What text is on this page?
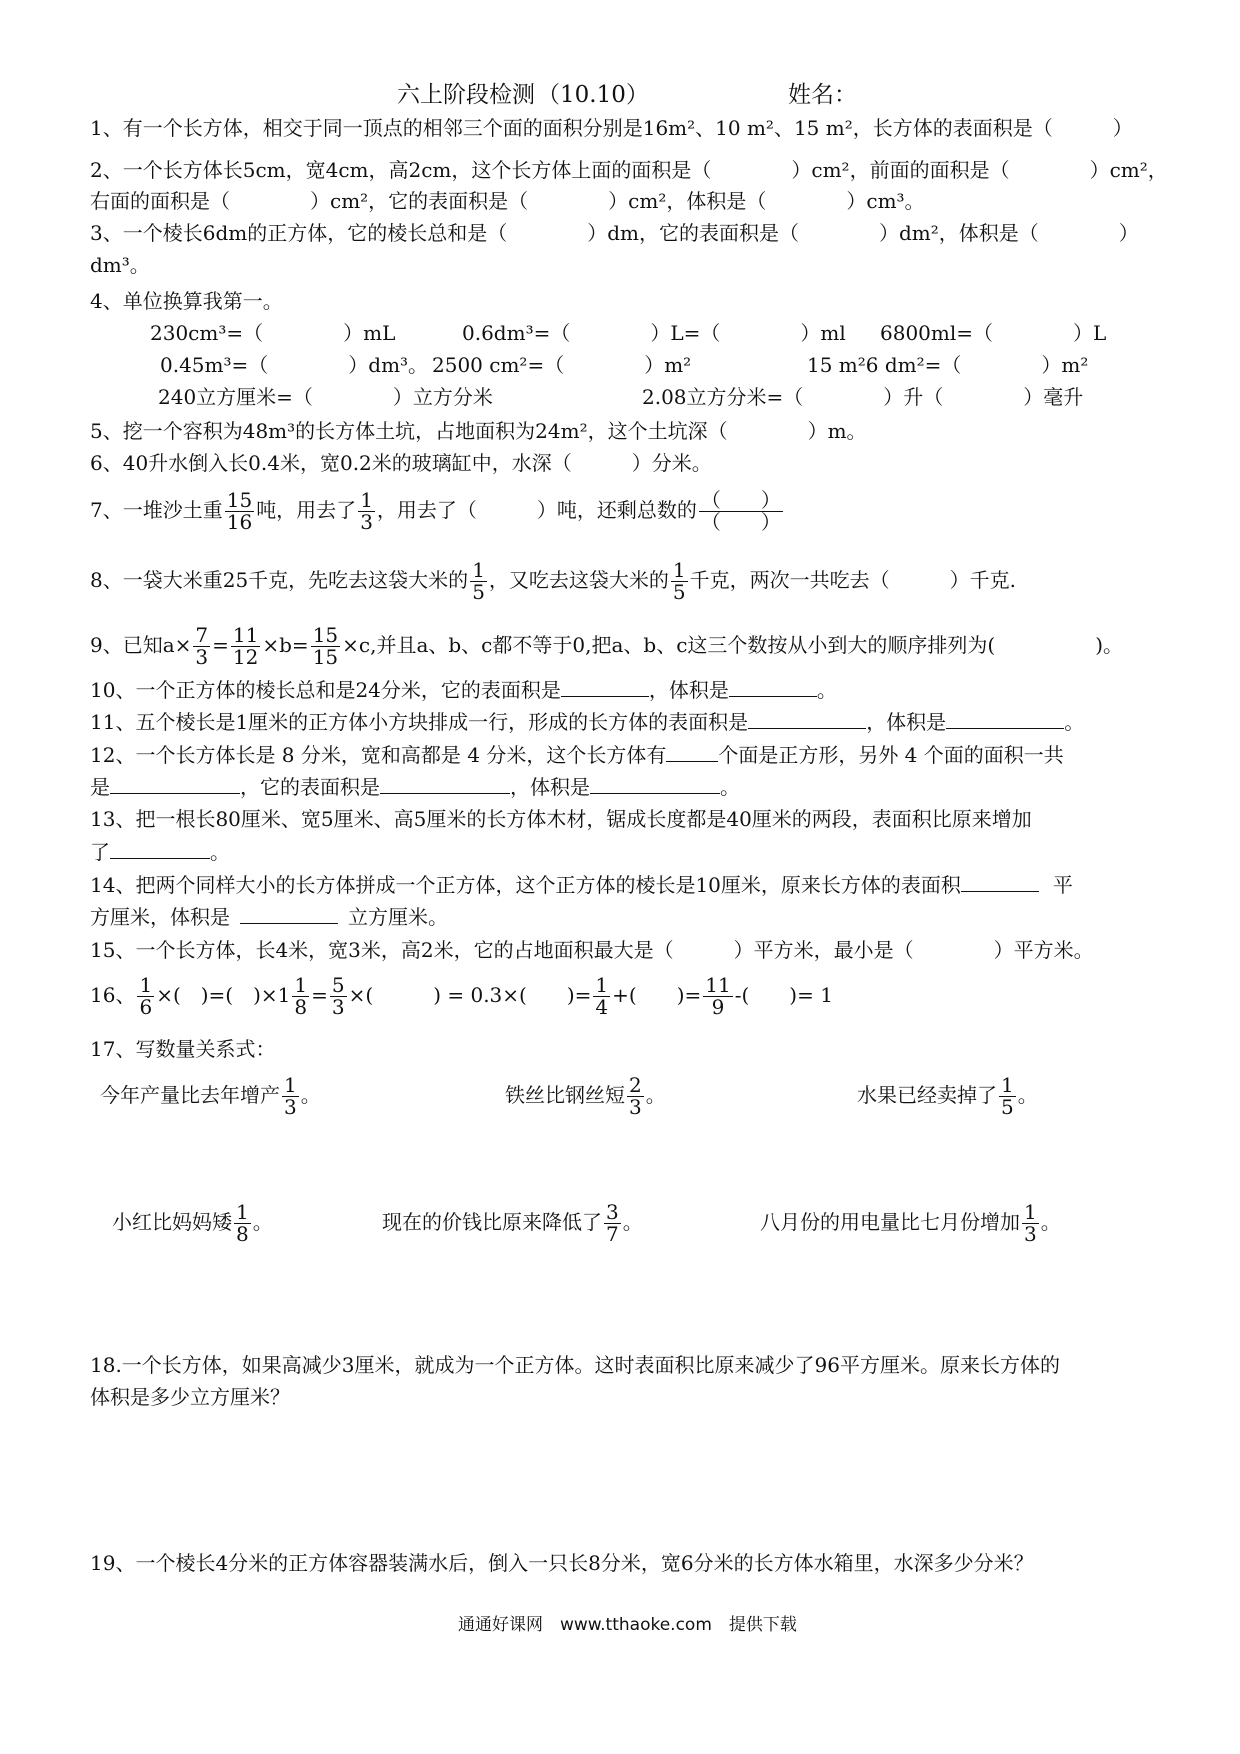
六上阶段检测 （10.10）	姓名：
1、有一个长方体，相交于同一顶点的相邻三个面的面积分别是16m²、10 m²、15 m²，长方体的表面积是（　　　）
2、一个长方体长5cm，宽4cm，高2cm，这个长方体上面的面积是（　　　　）cm²，前面的面积是（　　　　）cm²，
右面的面积是（　　　　）cm²，它的表面积是（　　　　）cm²，体积是（　　　　）cm³。
3、一个棱长6dm的正方体，它的棱长总和是（　　　　）dm，它的表面积是（　　　　）dm²，体积是（　　　　）
dm³。
4、单位换算我第一。
230cm³=（　　　　）mL	0.6dm³=（　　　　）L=（　　　　）ml 6800ml=（　　　　）L
0.45m³=（　　　　）dm³。 2500 cm²=（　　　　）m²	15 m²6 dm²=（　　　　）m²
240立方厘米=（　　　　）立方分米	2.08立方分米=（　　　　）升（　　　　）毫升
5、挖一个容积为48m³的长方体土坑，占地面积为24m²，这个土坑深（　　　　）m。
6、40升水倒入长0.4米，宽0.2米的玻璃缸中，水深（　　　）分米。
7、一堆沙土重 $\frac{15}{16}$ 吨，用去了 $\frac{1}{3}$ ，用去了（　　　）吨，还剩总数的 （　　）
（　　）
8、一袋大米重25千克，先吃去这袋大米的 $\frac{1}{5}$ ，又吃去这袋大米的 $\frac{1}{5}$ 千克，两次一共吃去（　　　）千克.
9、已知$a\times \frac{7}{3} = \frac{11}{12} \times b= \frac{15}{15} \times c$,并且a、b、c都不等于0,把a、b、c这三个数按从小到大的顺序排列为(　　　　　)。
10、一个正方体的棱长总和是24分米，它的表面积是	，体积是	。
11、五个棱长是1厘米的正方体小方块排成一行，形成的长方体的表面积是	，体积是	。
12、一个长方体长是 8 分米，宽和高都是 4 分米，这个长方体有	个面是正方形，另外 4 个面的面积一共
是	，它的表面积是	，体积是	。
13、把一根长80厘米、宽5厘米、高5厘米的长方体木材，锯成长度都是40厘米的两段，表面积比原来增加
了	。
14、把两个同样大小的长方体拼成一个正方体，这个正方体的棱长是10厘米，原来长方体的表面积	平
方厘米，体积是	立方厘米。
15、一个长方体，长4米，宽3米，高2米，它的占地面积最大是（　　　）平方米，最小是（　　　　）平方米。
16、 $\frac{1}{6}$ ×(　)=(　)$\times 1 \frac{1}{8} = \frac{5}{3}$ ×(　　　) = 0.3×(　　)= $\frac{1}{4}$ +(　　)= $\frac{11}{9}$ -(　　)= 1
17、写数量关系式：
今年产量比去年增产 $\frac{1}{3}$ 。	铁丝比钢丝短 $\frac{2}{3}$ 。	水果已经卖掉了 $\frac{1}{5}$ 。
小红比妈妈矮 $\frac{1}{8}$ 。	现在的价钱比原来降低了 $\frac{3}{7}$ 。	八月份的用电量比七月份增加 $\frac{1}{3}$ 。
18.一个长方体，如果高减少3厘米，就成为一个正方体。这时表面积比原来减少了96平方厘米。原来长方体的
体积是多少立方厘米？
19、一个棱长4分米的正方体容器装满水后，倒入一只长8分米，宽6分米的长方体水箱里，水深多少分米？
通通好课网　www.tthaoke.com　提供下载
